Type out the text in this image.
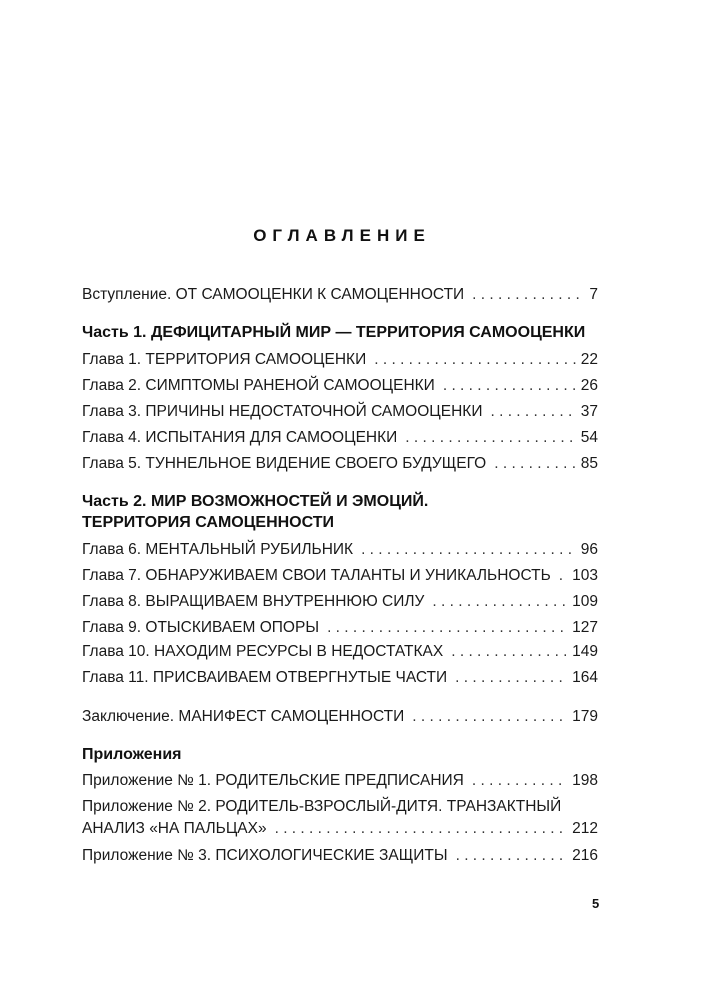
ОГЛАВЛЕНИЕ
Вступление. ОТ САМООЦЕНКИ К САМОЦЕННОСТИ . . .	7
Часть 1. ДЕФИЦИТАРНЫЙ МИР — ТЕРРИТОРИЯ САМООЦЕНКИ
Глава 1. ТЕРРИТОРИЯ САМООЦЕНКИ . . .	22
Глава 2. СИМПТОМЫ РАНЕНОЙ САМООЦЕНКИ . . .	26
Глава 3. ПРИЧИНЫ НЕДОСТАТОЧНОЙ САМООЦЕНКИ . . .	37
Глава 4. ИСПЫТАНИЯ ДЛЯ САМООЦЕНКИ . . .	54
Глава 5. ТУННЕЛЬНОЕ ВИДЕНИЕ СВОЕГО БУДУЩЕГО . . .	85
Часть 2. МИР ВОЗМОЖНОСТЕЙ И ЭМОЦИЙ.
ТЕРРИТОРИЯ САМОЦЕННОСТИ
Глава 6. МЕНТАЛЬНЫЙ РУБИЛЬНИК . . .	96
Глава 7. ОБНАРУЖИВАЕМ СВОИ ТАЛАНТЫ И УНИКАЛЬНОСТЬ . . . 103
Глава 8. ВЫРАЩИВАЕМ ВНУТРЕННЮЮ СИЛУ . . .	109
Глава 9. ОТЫСКИВАЕМ ОПОРЫ . . .	127
Глава 10. НАХОДИМ РЕСУРСЫ В НЕДОСТАТКАХ . . .	149
Глава 11. ПРИСВАИВАЕМ ОТВЕРГНУТЫЕ ЧАСТИ . . .	164
Заключение. МАНИФЕСТ САМОЦЕННОСТИ . . .	179
Приложения
Приложение № 1. РОДИТЕЛЬСКИЕ ПРЕДПИСАНИЯ . . .	198
Приложение № 2. РОДИТЕЛЬ-ВЗРОСЛЫЙ-ДИТЯ. ТРАНЗАКТНЫЙ
АНАЛИЗ «НА ПАЛЬЦАХ» . . .	212
Приложение № 3. ПСИХОЛОГИЧЕСКИЕ ЗАЩИТЫ . . .	216
5
